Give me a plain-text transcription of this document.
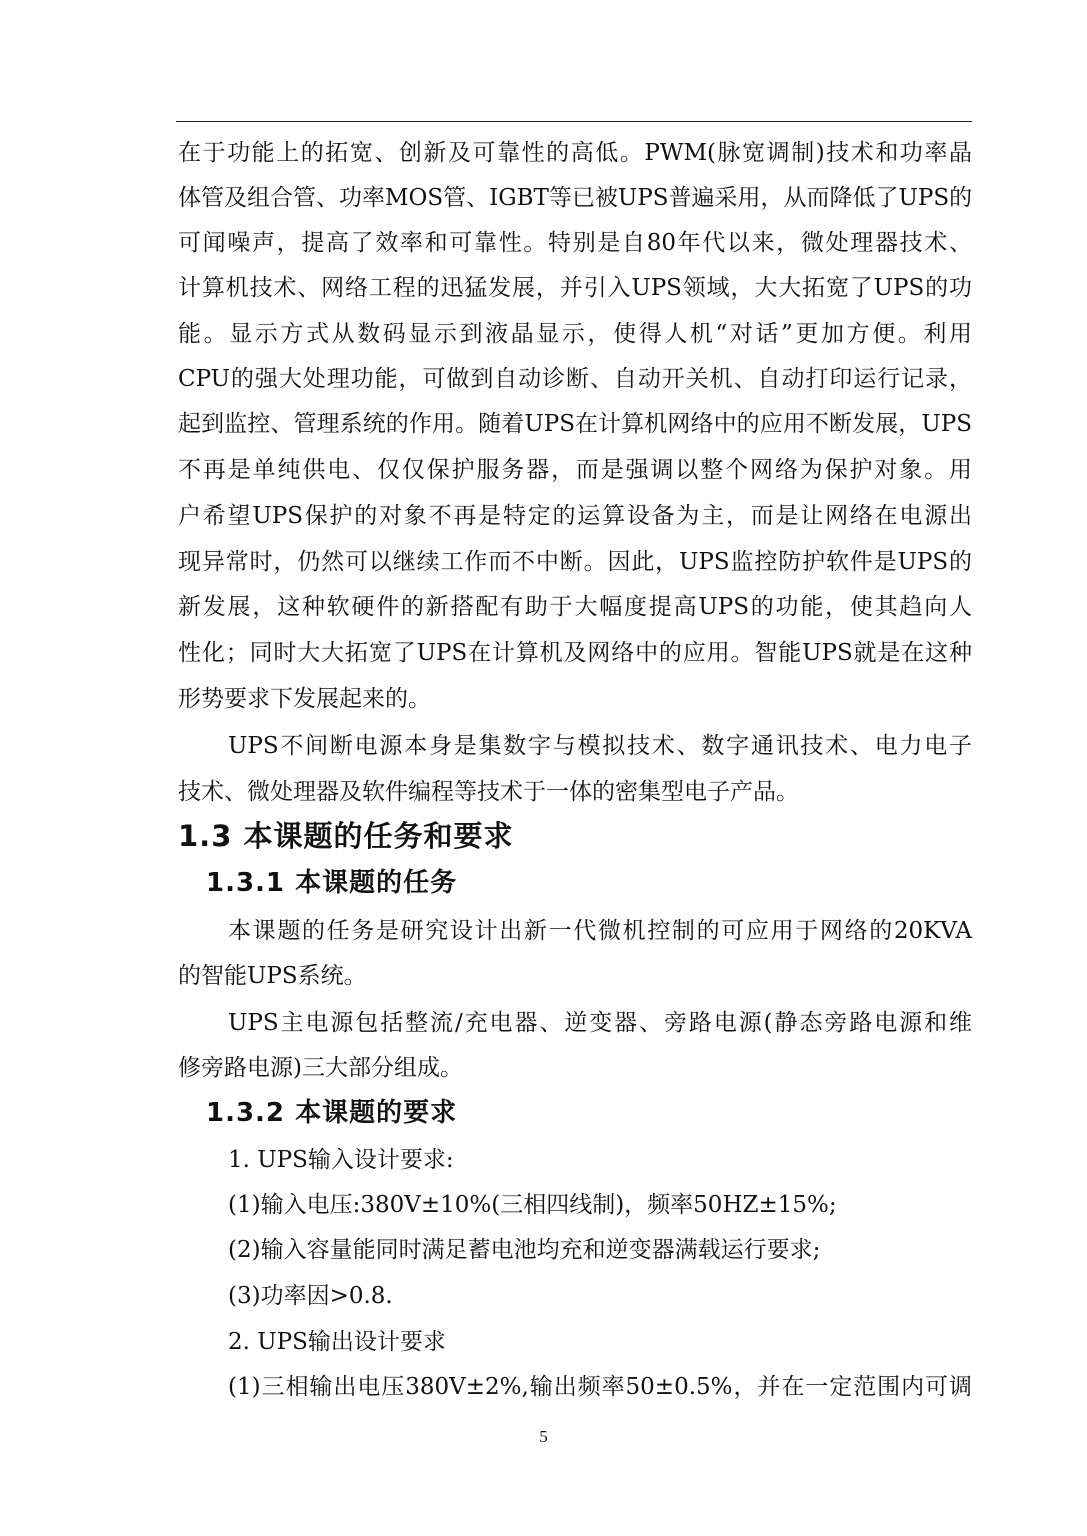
在于功能上的拓宽、创新及可靠性的高低。PWM(脉宽调制)技术和功率晶
体管及组合管、功率MOS管、IGBT等已被UPS普遍采用，从而降低了UPS的
可闻噪声，提高了效率和可靠性。特别是自80年代以来，微处理器技术、
计算机技术、网络工程的迅猛发展，并引入UPS领域，大大拓宽了UPS的功
能。显示方式从数码显示到液晶显示，使得人机“对话”更加方便。利用
CPU的强大处理功能，可做到自动诊断、自动开关机、自动打印运行记录，
起到监控、管理系统的作用。随着UPS在计算机网络中的应用不断发展，UPS
不再是单纯供电、仅仅保护服务器，而是强调以整个网络为保护对象。用
户希望UPS保护的对象不再是特定的运算设备为主，而是让网络在电源出
现异常时，仍然可以继续工作而不中断。因此，UPS监控防护软件是UPS的
新发展，这种软硬件的新搭配有助于大幅度提高UPS的功能，使其趋向人
性化；同时大大拓宽了UPS在计算机及网络中的应用。智能UPS就是在这种
形势要求下发展起来的。
UPS不间断电源本身是集数字与模拟技术、数字通讯技术、电力电子
技术、微处理器及软件编程等技术于一体的密集型电子产品。
1.3 本课题的任务和要求
1.3.1 本课题的任务
本课题的任务是研究设计出新一代微机控制的可应用于网络的20KVA
的智能UPS系统。
UPS主电源包括整流/充电器、逆变器、旁路电源(静态旁路电源和维
修旁路电源)三大部分组成。
1.3.2 本课题的要求
1. UPS输入设计要求:
(1)输入电压:380V±10%(三相四线制)，频率50HZ±15%;
(2)输入容量能同时满足蓄电池均充和逆变器满载运行要求;
(3)功率因>0.8.
2. UPS输出设计要求
(1)三相输出电压380V±2%,输出频率50±0.5%，并在一定范围内可调
5
